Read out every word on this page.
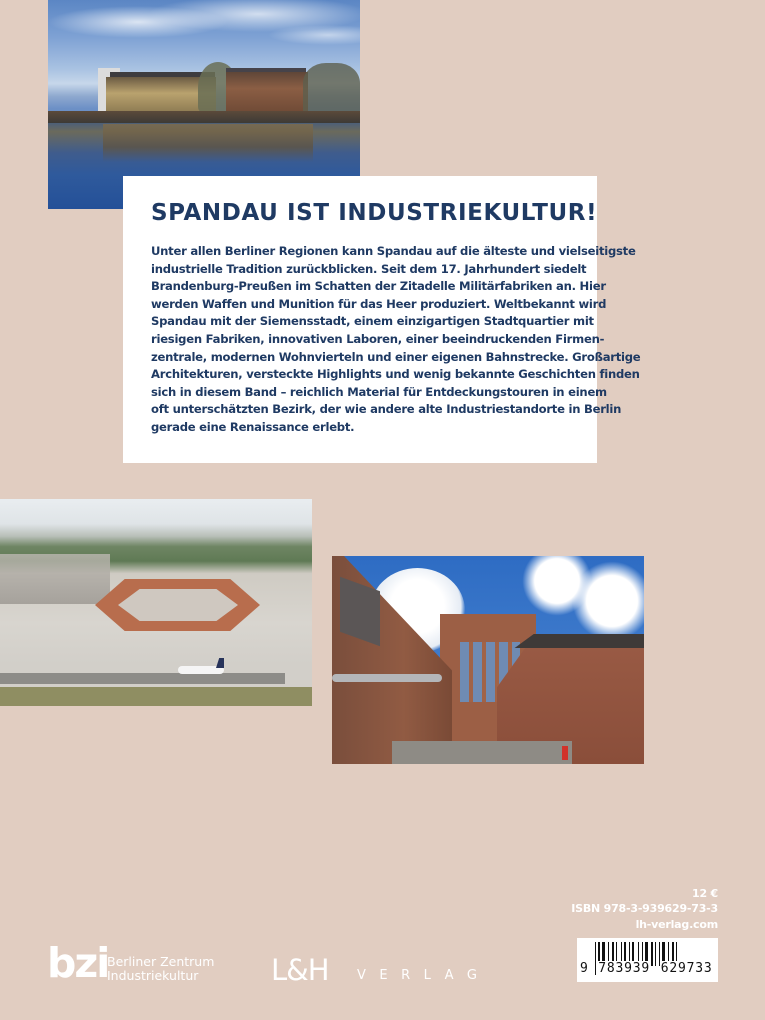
SPANDAU IST INDUSTRIEKULTUR!

Unter allen Berliner Regionen kann Spandau auf die älteste und vielseitigste
industrielle Tradition zurückblicken. Seit dem 17. Jahrhundert siedelt
Brandenburg-Preußen im Schatten der Zitadelle Militärfabriken an. Hier
werden Waffen und Munition für das Heer produziert. Weltbekannt wird
Spandau mit der Siemensstadt, einem einzigartigen Stadtquartier mit
riesigen Fabriken, innovativen Laboren, einer beeindruckenden Firmen-
zentrale, modernen Wohnvierteln und einer eigenen Bahnstrecke. Großartige
Architekturen, versteckte Highlights und wenig bekannte Geschichten finden
sich in diesem Band – reichlich Material für Entdeckungstouren in einem
oft unterschätzten Bezirk, der wie andere alte Industriestandorte in Berlin
gerade eine Renaissance erlebt.

12 €
ISBN 978-3-939629-73-3
lh-verlag.com
9 783939 629733
bzi
Berliner Zentrum
Industriekultur	L&H VERLAG
